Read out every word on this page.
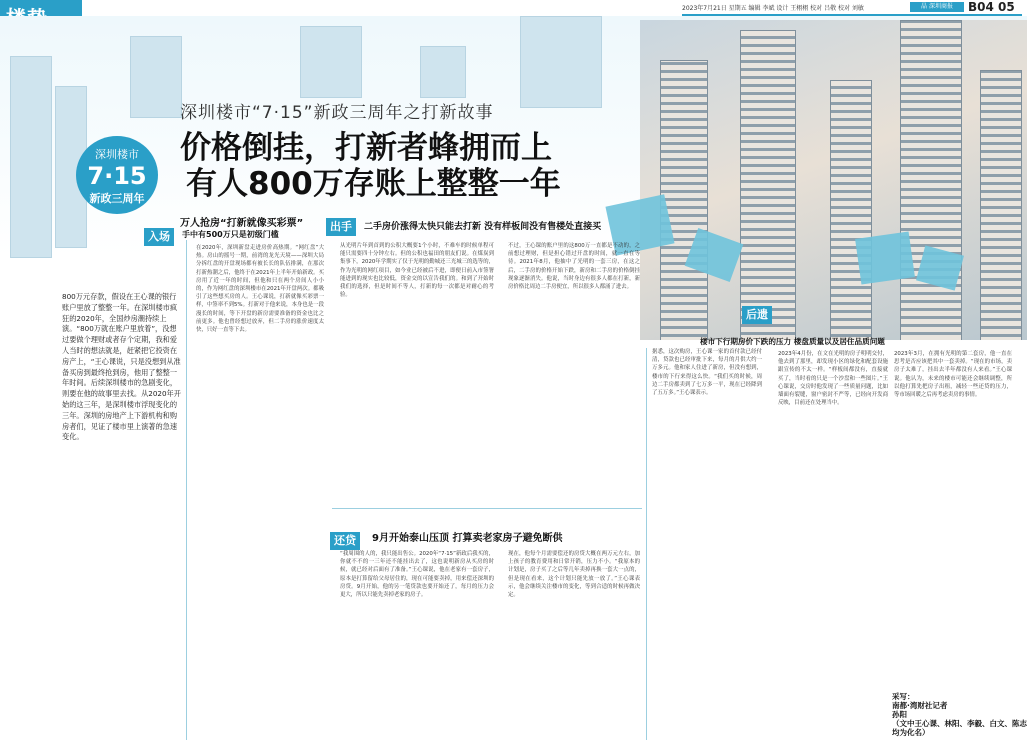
2023年7月21日 星期五 编辑 李斌 设计 王栩栩 校对 吕敬 校对 刘敏	晶 深圳商报	B04 05
深圳楼市“7·15”新政三周年之打新故事
价格倒挂，打新者蜂拥而上
有人800万存账上整整一年
深圳楼市
7·15
新政三周年
入场
万人抢房“打新就像买彩票”
手中有500万只是初级门槛
800万元存款，假设在王心课的银行账户里放了整整一年。在深圳楼市疯狂的2020年，全国炒房潮持续上演。“800万就在账户里放着”，没想过要做个理财或者存个定期，我和爱人当时的想法就是，赶紧把它投资在房产上，“王心课说，只是没想到从准备买房到最终抢到房，他用了整整一年时间。后续深圳楼市的急剧变化，则要在他的故事里去找。从2020年开始的这三年，是深圳楼市浮现变化的三年。深圳的房地产上下游机构和购房者们，见证了楼市里上演著的急速变化。
在2020年，深圳新盘走进房价高热期。“网红盘”大热。房山的摇号一期，前湾的龙光天境——深圳大局分拆红盘的开盘现场都有被长长的队伍排满，在那次打新热潮之后，他终于在2021年上半年开始新政。买房用了近一年的时间，但他和只在两个房间人小小的，作为网红盘的深圳楼市在2021年开盘两次。都吸引了这些想买房的人。王心课说，打新就像买彩票一样，中签率不到5%。打新对于他来说，本身也是一段漫长的时间，等下开盘的新房需要准备的资金也比之前更多。他也曾经想过放弃，但二手房的涨价速度太快，只好一直等下去。
出手	二手房价涨得太快只能去打新 没有样板间没有售楼处直接买
从光明片年到首到的公积大概要1个小时，不难车的时候单程可能只需要四十分钟左右。但的公积也福田的朋友们说。在煤炭到集事下，2020年学期实了仅于光明的勤城还三光城三的选等的，作为光明的网红项目，如今业已经被后不进，即便日前入市签署能进到的现实也比较低，资金交的以宣告我们的。和到了开始时我们的选择，但是时间不等人，打新的每一次都是对耐心的考验。
不过，王心课的账户里的这800万一直都是不动的，之前想过理财，但是担心错过开盘的时间，就一直在等待。2021年8月，他抽中了光明的一套三房，在这之后，二手房的价格开始下跌，新房和二手房的价格倒挂现象逐渐消失。他说，当时身边有很多人都在打新，新房价格比周边二手房便宜，所以很多人都涌了进去。
还贷	9月开始泰山压顶 打算卖老家房子避免断供
“我周围的人的，我只能出售公。2020年“7·15”新政后我买的，你就不不的一三年还不能挂出去了，这也说明新房从买房的时候，就已经对后面有了准备。”王心课说，他在老家有一套房子，原本是打算留给父母居住的，现在可能要卖掉，用来偿还深圳的房贷。9月开始，他的另一笔贷款也要开始还了，每月的压力会更大，所以只能先卖掉老家的房子。
现在，他每个月需要偿还的房贷大概在两万元左右，加上孩子的教育费用和日常开销，压力不小。“我原本的计划是，房子买了之后等几年卖掉再换一套大一点的，但是现在看来，这个计划只能先放一放了。”王心课表示，他会继续关注楼市的变化，等到合适的时候再做决定。
据悉，这次购房，王心课一家的首付款已经付清，贷款也已经审批下来，每月的月供大约一万多元。他和家人住进了新房，但没有想到，楼市的下行来得这么快。“我们买的时候，周边二手房都卖到了七万多一平，现在已经降到了五万多。”王心课表示。
后遗
楼市下行期房价下跌的压力 楼盘质量以及居住品质问题
2023年4月份，在文在光明的房子明明交付，他去到了那里，却发现小区的绿化和配套设施跟宣传的不太一样。“样板间都没有，直接就买了，当时看的只是一个沙盘和一些图片。”王心课说，交房时他发现了一些质量问题，比如墙面有裂缝，窗户密封不严等，已经向开发商反映，目前还在处理当中。
2023年3月，在拥有光明的第二套房，他一直在思考是否应该把其中一套卖掉。“现在的市场，卖房子太难了，挂出去半年都没有人来看。”王心课说。他认为，未来的楼市可能还会继续调整，所以他打算先把房子出租，减轻一些还贷的压力，等市场回暖之后再考虑卖房的事情。
采写：
南都·湾财社记者
孙阳
（文中王心课、林阳、李毅、白文、陈志均为化名）
